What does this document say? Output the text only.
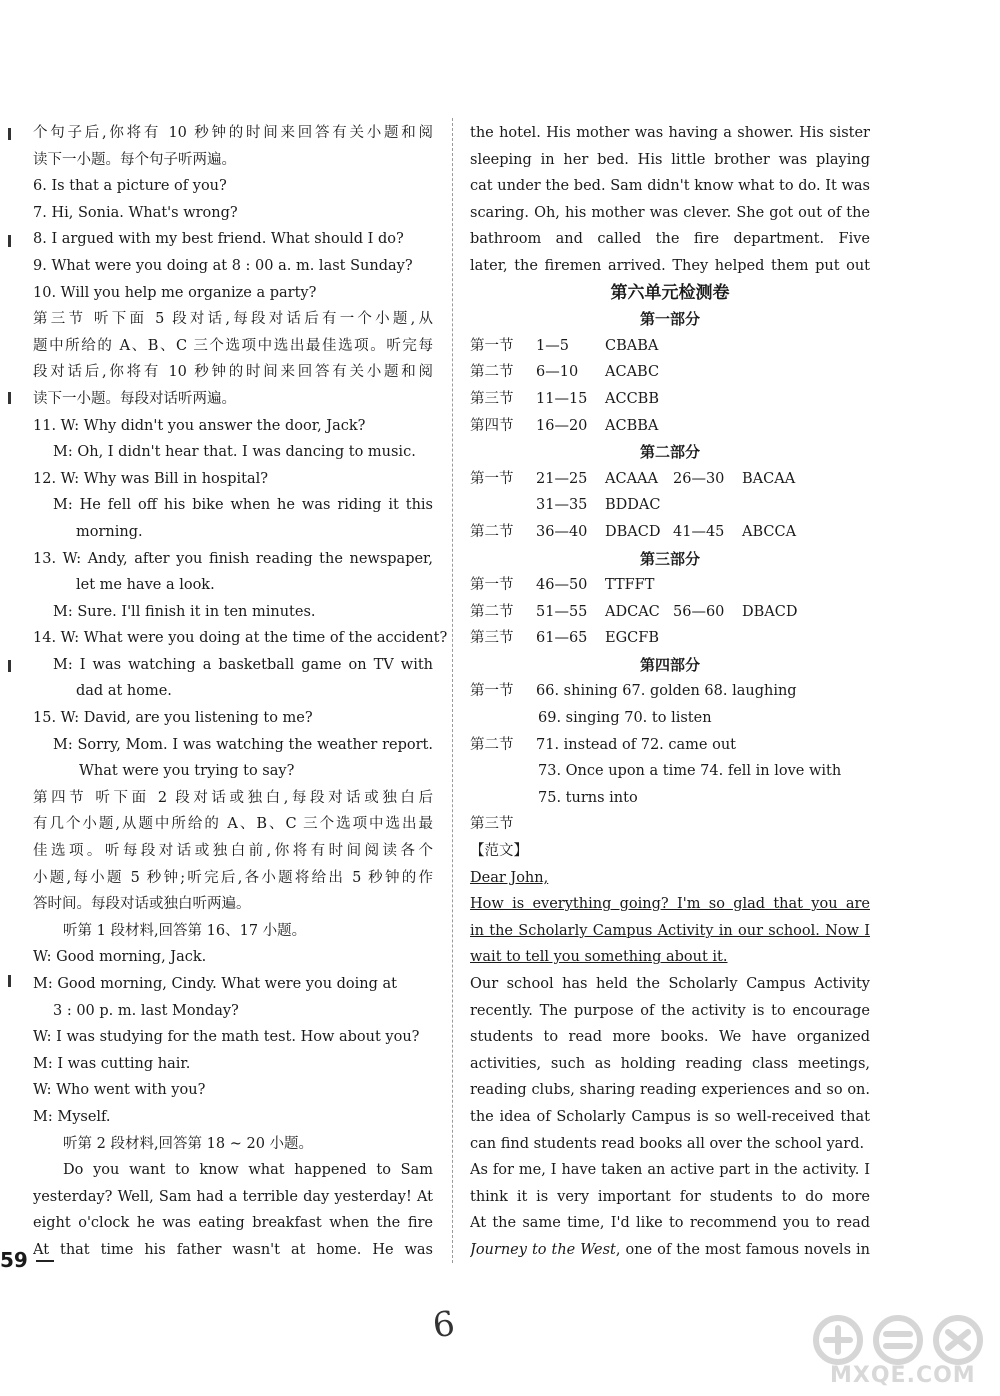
个句子后,你将有 10 秒钟的时间来回答有关小题和阅
读下一小题。每个句子听两遍。
6. Is that a picture of you?
7. Hi, Sonia. What's wrong?
8. I argued with my best friend. What should I do?
9. What were you doing at 8 : 00 a. m. last Sunday?
10. Will you help me organize a party?
第三节 听下面 5 段对话,每段对话后有一个小题,从
题中所给的 A、B、C 三个选项中选出最佳选项。听完每
段对话后,你将有 10 秒钟的时间来回答有关小题和阅
读下一小题。每段对话听两遍。
11. W: Why didn't you answer the door, Jack?
M: Oh, I didn't hear that. I was dancing to music.
12. W: Why was Bill in hospital?
M: He fell off his bike when he was riding it this
morning.
13. W: Andy, after you finish reading the newspaper,
let me have a look.
M: Sure. I'll finish it in ten minutes.
14. W: What were you doing at the time of the accident?
M: I was watching a basketball game on TV with
dad at home.
15. W: David, are you listening to me?
M: Sorry, Mom. I was watching the weather report.
What were you trying to say?
第四节 听下面 2 段对话或独白,每段对话或独白后
有几个小题,从题中所给的 A、B、C 三个选项中选出最
佳选项。听每段对话或独白前,你将有时间阅读各个
小题,每小题 5 秒钟;听完后,各小题将给出 5 秒钟的作
答时间。每段对话或独白听两遍。
听第 1 段材料,回答第 16、17 小题。
W: Good morning, Jack.
M: Good morning, Cindy. What were you doing at
3 : 00 p. m. last Monday?
W: I was studying for the math test. How about you?
M: I was cutting hair.
W: Who went with you?
M: Myself.
听第 2 段材料,回答第 18 ~ 20 小题。
Do you want to know what happened to Sam
yesterday? Well, Sam had a terrible day yesterday! At
eight o'clock he was eating breakfast when the fire
At that time his father wasn't at home. He was
the hotel. His mother was having a shower. His sister
sleeping in her bed. His little brother was playing
cat under the bed. Sam didn't know what to do. It was
scaring. Oh, his mother was clever. She got out of the
bathroom and called the fire department. Five
later, the firemen arrived. They helped them put out
第六单元检测卷
第一部分
第一节	1—5	CBABA
第二节	6—10	ACABC
第三节	11—15	ACCBB
第四节	16—20	ACBBA
第二部分
第一节	21—25	ACAAA	26—30	BACAA
31—35	BDDAC
第二节	36—40	DBACD 41—45	ABCCA
第三部分
第一节	46—50	TTFFT
第二节	51—55	ADCAC 56—60	DBACD
第三节	61—65	EGCFB
第四部分
第一节	66. shining 67. golden 68. laughing
69. singing 70. to listen
第二节	71. instead of 72. came out
73. Once upon a time 74. fell in love with
75. turns into
第三节
【范文】
Dear John,
How is everything going? I'm so glad that you are
in the Scholarly Campus Activity in our school. Now I
wait to tell you something about it.
Our school has held the Scholarly Campus Activity
recently. The purpose of the activity is to encourage
students to read more books. We have organized
activities, such as holding reading class meetings,
reading clubs, sharing reading experiences and so on.
the idea of Scholarly Campus is so well-received that
can find students read books all over the school yard.
As for me, I have taken an active part in the activity. I
think it is very important for students to do more
At the same time, I'd like to recommend you to read
Journey to the West, one of the most famous novels in
59
6
MXQE.COM
